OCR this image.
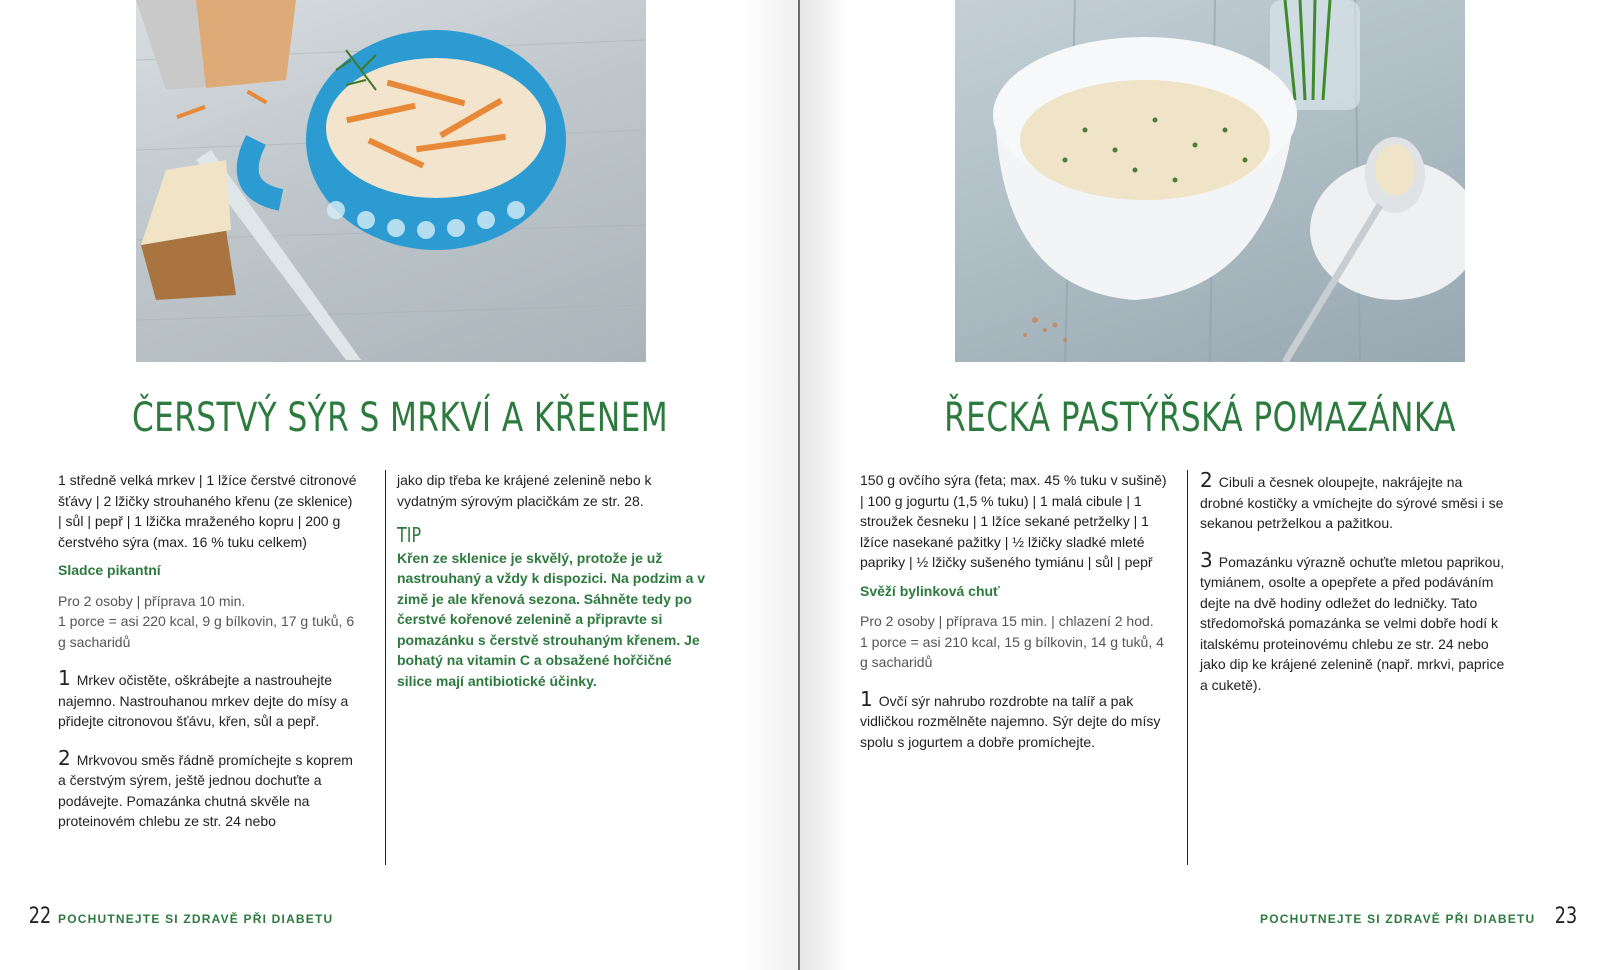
ČERSTVÝ SÝR S MRKVÍ A KŘENEM
1 středně velká mrkev | 1 lžíce čerstvé citronové šťávy | 2 lžičky strouhaného křenu (ze sklenice) | sůl | pepř | 1 lžička mraženého kopru | 200 g čerstvého sýra (max. 16 % tuku celkem)
Sladce pikantní
Pro 2 osoby | příprava 10 min.
1 porce = asi 220 kcal, 9 g bílkovin, 17 g tuků, 6 g sacharidů
1 Mrkev očistěte, oškrábejte a nastrouhejte najemno. Nastrouhanou mrkev dejte do mísy a přidejte citronovou šťávu, křen, sůl a pepř.
2 Mrkvovou směs řádně promíchejte s koprem a čerstvým sýrem, ještě jednou dochuťte a podávejte. Pomazánka chutná skvěle na proteinovém chlebu ze str. 24 nebo
jako dip třeba ke krájené zelenině nebo k vydatným sýrovým placičkám ze str. 28.
TIP
Křen ze sklenice je skvělý, protože je už nastrouhaný a vždy k dispozici. Na podzim a v zimě je ale křenová sezona. Sáhněte tedy po čerstvé kořenové zelenině a připravte si pomazánku s čerstvě strouhaným křenem. Je bohatý na vitamin C a obsažené hořčičné silice mají antibiotické účinky.
22 POCHUTNEJTE SI ZDRAVĚ PŘI DIABETU
ŘECKÁ PASTÝŘSKÁ POMAZÁNKA
150 g ovčího sýra (feta; max. 45 % tuku v sušině) | 100 g jogurtu (1,5 % tuku) | 1 malá cibule | 1 stroužek česneku | 1 lžíce sekané petrželky | 1 lžíce nasekané pažitky | ½ lžičky sladké mleté papriky | ½ lžičky sušeného tymiánu | sůl | pepř
Svěží bylinková chuť
Pro 2 osoby | příprava 15 min. | chlazení 2 hod.
1 porce = asi 210 kcal, 15 g bílkovin, 14 g tuků, 4 g sacharidů
1 Ovčí sýr nahrubo rozdrobte na talíř a pak vidličkou rozmělněte najemno. Sýr dejte do mísy spolu s jogurtem a dobře promíchejte.
2 Cibuli a česnek oloupejte, nakrájejte na drobné kostičky a vmíchejte do sýrové směsi i se sekanou petrželkou a pažitkou.
3 Pomazánku výrazně ochuťte mletou paprikou, tymiánem, osolte a opepřete a před podáváním dejte na dvě hodiny odležet do ledničky. Tato středomořská pomazánka se velmi dobře hodí k italskému proteinovému chlebu ze str. 24 nebo jako dip ke krájené zelenině (např. mrkvi, paprice a cuketě).
POCHUTNEJTE SI ZDRAVĚ PŘI DIABETU 23
